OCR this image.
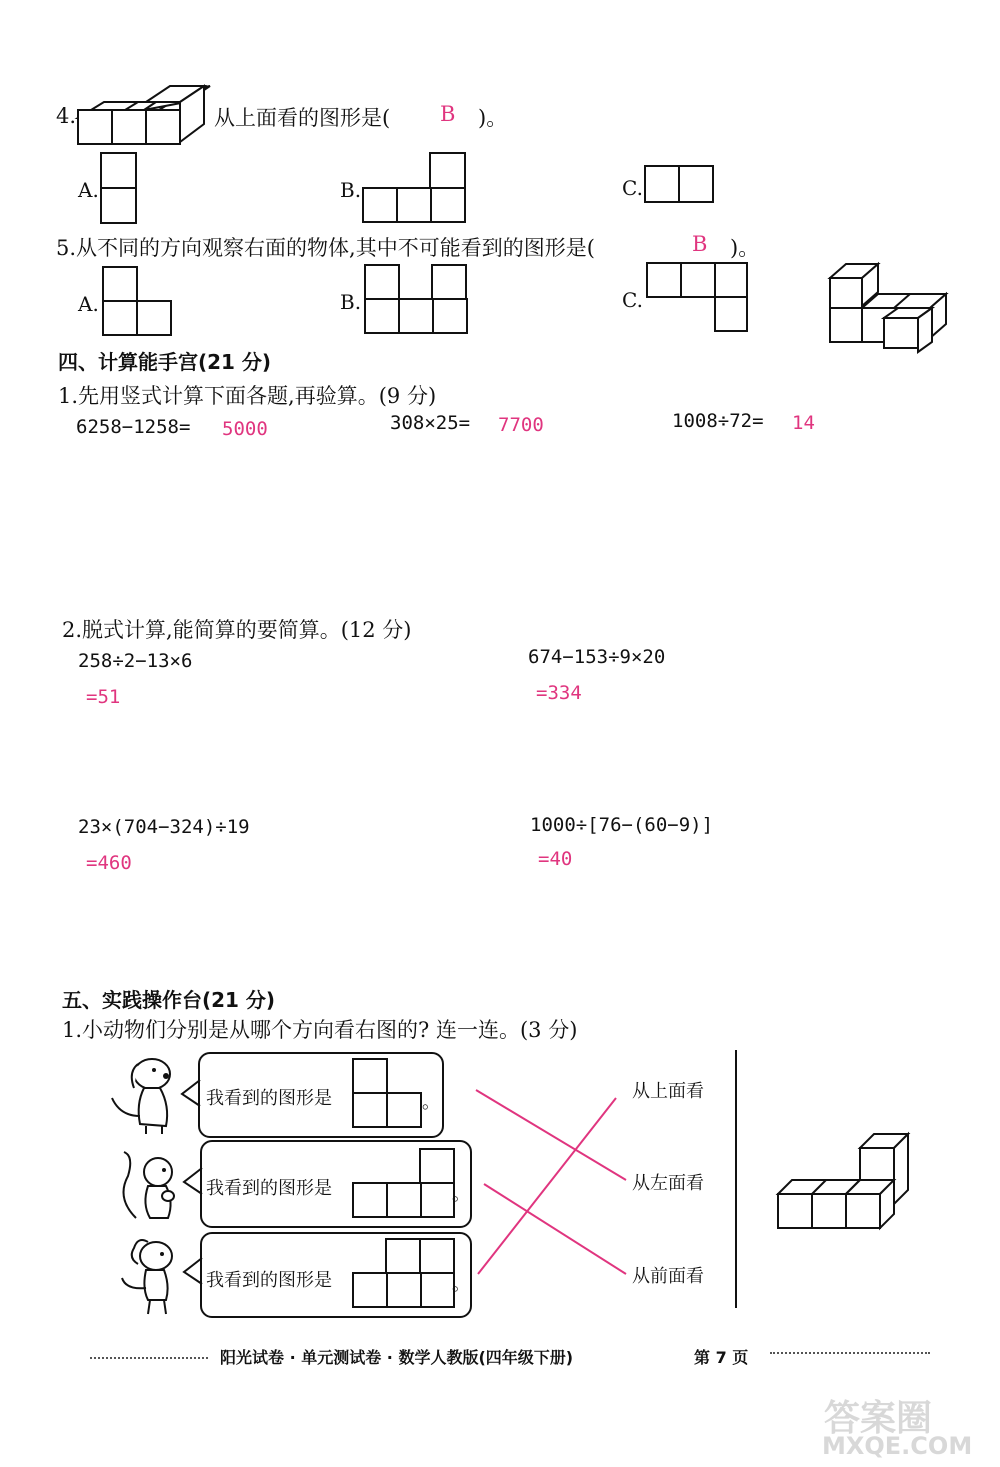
4.	从上面看的图形是( B )。
A.	B.	C.
5.从不同的方向观察右面的物体,其中不可能看到的图形是(	B )。
A.	B.	C.
四、计算能手宫(21 分)
1.先用竖式计算下面各题,再验算。(9 分)
6258−1258= 5000	308×25= 7700	1008÷72= 14
2.脱式计算,能简算的要简算。(12 分)
258÷2−13×6
=51
674−153÷9×20
=334
23×(704−324)÷19
=460
1000÷[76−(60−9)]
=40
五、实践操作台(21 分)
1.小动物们分别是从哪个方向看右图的? 连一连。(3 分)
我看到的图形是	。
我看到的图形是	。
我看到的图形是	。
从上面看
从左面看
从前面看
阳光试卷 · 单元测试卷 · 数学人教版(四年级下册)	第 7 页
答案圈
MXQE.COM
